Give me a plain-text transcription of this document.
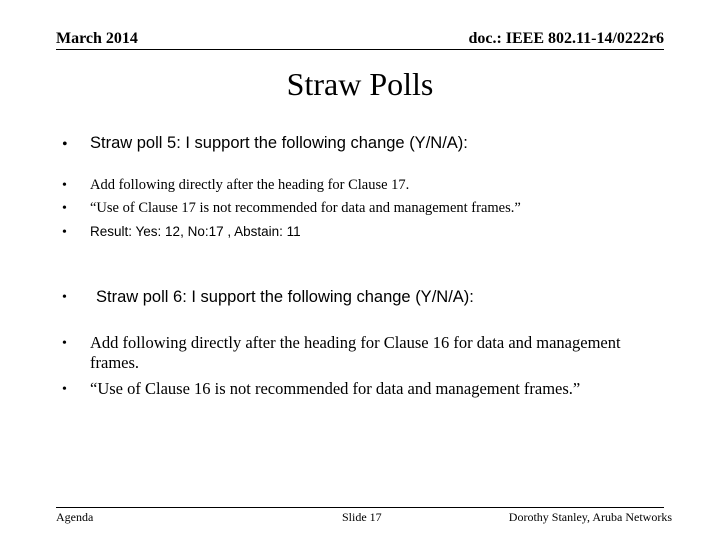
March 2014	doc.: IEEE 802.11-14/0222r6
Straw Polls
• Straw poll 5: I support the following change (Y/N/A):
• Add following directly after the heading for Clause 17.
• “Use of Clause 17 is not recommended for data and management frames.”
• Result: Yes: 12, No:17 , Abstain: 11
• Straw poll 6: I support the following change (Y/N/A):
• Add following directly after the heading for Clause 16 for data and management
frames.
• “Use of Clause 16 is not recommended for data and management frames.”
Agenda	Slide 17	Dorothy Stanley, Aruba Networks
